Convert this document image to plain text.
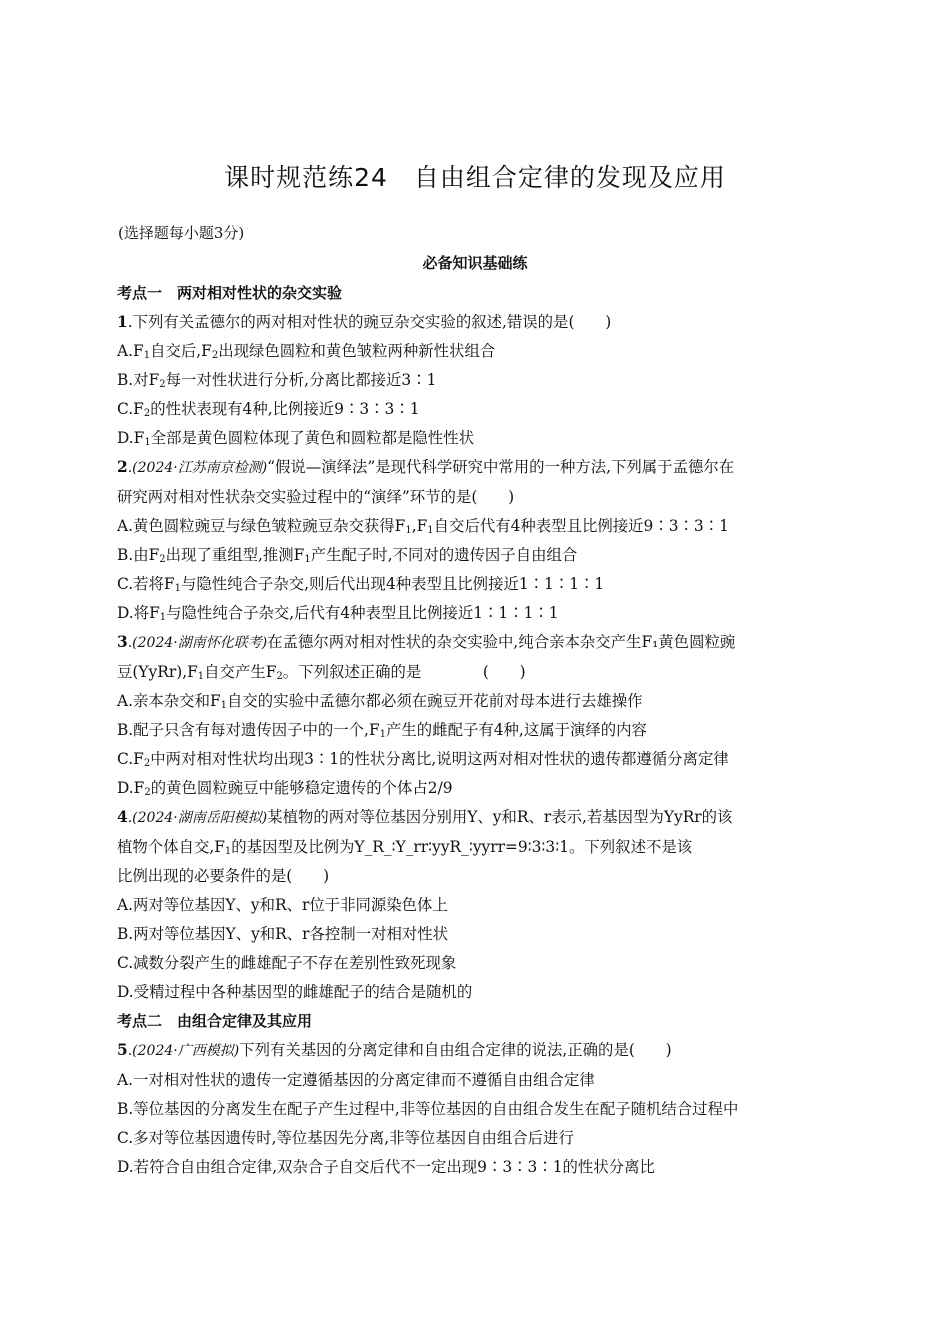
课时规范练24　自由组合定律的发现及应用
(选择题每小题3分)
必备知识基础练
考点一　两对相对性状的杂交实验
1.下列有关孟德尔的两对相对性状的豌豆杂交实验的叙述,错误的是(　　)
$A.F_1$自交后$,F_2$出现绿色圆粒和黄色皱粒两种新性状组合
B.对$F_2$每一对性状进行分析,分离比都接近3∶1
$C.F_2$的性状表现有4种,比例接近9∶3∶3∶1
$D.F_1$全部是黄色圆粒体现了黄色和圆粒都是隐性性状
2.(2024·江苏南京检测)“假说—演绎法”是现代科学研究中常用的一种方法,下列属于孟德尔在
研究两对相对性状杂交实验过程中的“演绎”环节的是(　　)
A.黄色圆粒豌豆与绿色皱粒豌豆杂交获得$F_1,F_1$自交后代有4种表型且比例接近9∶3∶3∶1
B.由$F_2$出现了重组型,推测$F_1$产生配子时,不同对的遗传因子自由组合
C.若将$F_1$与隐性纯合子杂交,则后代出现4种表型且比例接近1∶1∶1∶1
D.将$F_1$与隐性纯合子杂交,后代有4种表型且比例接近1∶1∶1∶1
3.(2024·湖南怀化联考)在孟德尔两对相对性状的杂交实验中,纯合亲本杂交产生F₁黄色圆粒豌
豆$(YyRr),F_1$自交产生$F_2$。下列叙述正确的是　　　　(　　)
A.亲本杂交和$F_1$自交的实验中孟德尔都必须在豌豆开花前对母本进行去雄操作
B.配子只含有每对遗传因子中的一个$,F_1$产生的雌配子有4种,这属于演绎的内容
$C.F_2$中两对相对性状均出现3∶1的性状分离比,说明这两对相对性状的遗传都遵循分离定律
$D.F_2$的黄色圆粒豌豆中能够稳定遗传的个体占2/9
4.(2024·湖南岳阳模拟)某植物的两对等位基因分别用Y、y和R、r表示,若基因型为YyRr的该
植物个体自交$,F_1$的基因型及比例为Y_R_∶Y_rr∶yyR_∶yyrr=9∶3∶3∶1。下列叙述不是该
比例出现的必要条件的是(　　)
A.两对等位基因Y、y和R、r位于非同源染色体上
B.两对等位基因Y、y和R、r各控制一对相对性状
C.减数分裂产生的雌雄配子不存在差别性致死现象
D.受精过程中各种基因型的雌雄配子的结合是随机的
考点二　由组合定律及其应用
5.(2024·广西模拟)下列有关基因的分离定律和自由组合定律的说法,正确的是(　　)
A.一对相对性状的遗传一定遵循基因的分离定律而不遵循自由组合定律
B.等位基因的分离发生在配子产生过程中,非等位基因的自由组合发生在配子随机结合过程中
C.多对等位基因遗传时,等位基因先分离,非等位基因自由组合后进行
D.若符合自由组合定律,双杂合子自交后代不一定出现9∶3∶3∶1的性状分离比
